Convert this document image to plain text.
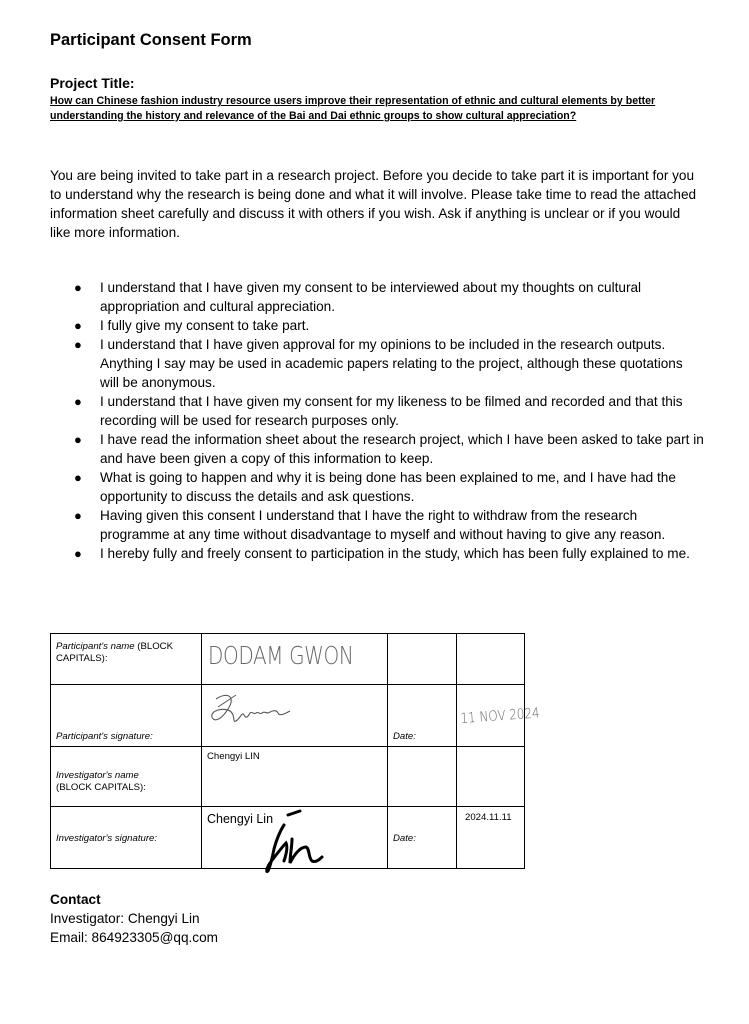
Participant Consent Form
Project Title:
How can Chinese fashion industry resource users improve their representation of ethnic and cultural elements by better understanding the history and relevance of the Bai and Dai ethnic groups to show cultural appreciation?
You are being invited to take part in a research project. Before you decide to take part it is important for you to understand why the research is being done and what it will involve. Please take time to read the attached information sheet carefully and discuss it with others if you wish. Ask if anything is unclear or if you would like more information.
● I understand that I have given my consent to be interviewed about my thoughts on cultural appropriation and cultural appreciation.
● I fully give my consent to take part.
● I understand that I have given approval for my opinions to be included in the research outputs. Anything I say may be used in academic papers relating to the project, although these quotations will be anonymous.
● I understand that I have given my consent for my likeness to be filmed and recorded and that this recording will be used for research purposes only.
● I have read the information sheet about the research project, which I have been asked to take part in and have been given a copy of this information to keep.
● What is going to happen and why it is being done has been explained to me, and I have had the opportunity to discuss the details and ask questions.
● Having given this consent I understand that I have the right to withdraw from the research programme at any time without disadvantage to myself and without having to give any reason.
● I hereby fully and freely consent to participation in the study, which has been fully explained to me.
Participant's name (BLOCK CAPITALS):	DODAM GWON		

Participant's signature:		Date:	11 NOV 2024

Investigator's name
(BLOCK CAPITALS):	Chengyi LIN		

Investigator's signature:	Chengyi Lin	Date:	2024.11.11
Contact
Investigator: Chengyi Lin
Email: 864923305@qq.com
